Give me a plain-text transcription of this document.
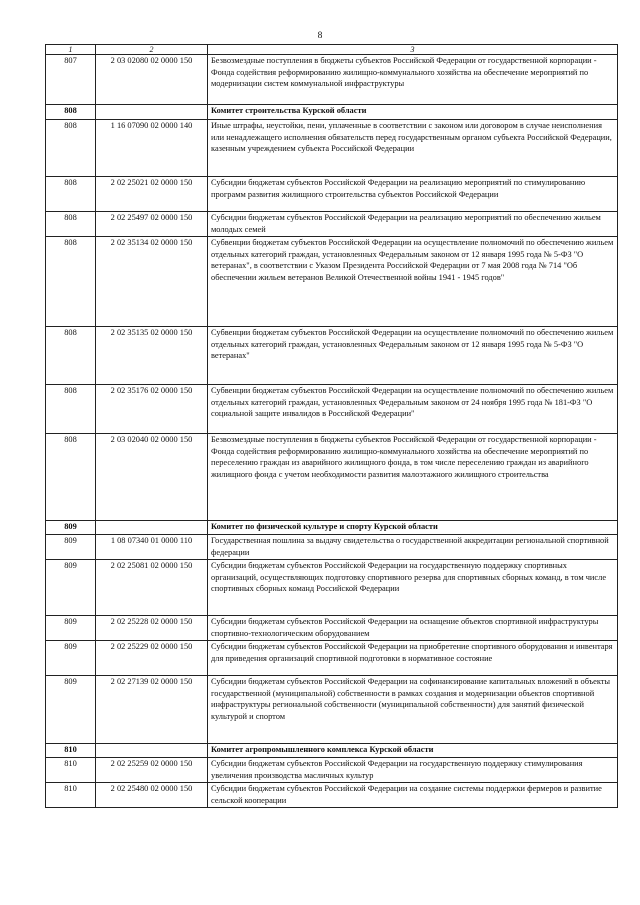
8
1	2	3
807	2 03 02080 02 0000 150	Безвозмездные поступления в бюджеты субъектов Российской Федерации от государственной корпорации - Фонда содействия реформированию жилищно-коммунального хозяйства на обеспечение мероприятий по модернизации систем коммунальной инфраструктуры
808		Комитет строительства Курской области
808	1 16 07090 02 0000 140	Иные штрафы, неустойки, пени, уплаченные в соответствии с законом или договором в случае неисполнения или ненадлежащего исполнения обязательств перед государственным органом субъекта Российской Федерации, казенным учреждением субъекта Российской Федерации
808	2 02 25021 02 0000 150	Субсидии бюджетам субъектов Российской Федерации на реализацию мероприятий по стимулированию программ развития жилищного строительства субъектов Российской Федерации
808	2 02 25497 02 0000 150	Субсидии бюджетам субъектов Российской Федерации на реализацию мероприятий по обеспечению жильем молодых семей
808	2 02 35134 02 0000 150	Субвенции бюджетам субъектов Российской Федерации на осуществление полномочий по обеспечению жильем отдельных категорий граждан, установленных Федеральным законом от 12 января 1995 года № 5-ФЗ "О ветеранах", в соответствии с Указом Президента Российской Федерации от 7 мая 2008 года № 714 "Об обеспечении жильем ветеранов Великой Отечественной войны 1941 - 1945 годов"
808	2 02 35135 02 0000 150	Субвенции бюджетам субъектов Российской Федерации на осуществление полномочий по обеспечению жильем отдельных категорий граждан, установленных Федеральным законом от 12 января 1995 года № 5-ФЗ "О ветеранах"
808	2 02 35176 02 0000 150	Субвенции бюджетам субъектов Российской Федерации на осуществление полномочий по обеспечению жильем отдельных категорий граждан, установленных Федеральным законом от 24 ноября 1995 года № 181-ФЗ "О социальной защите инвалидов в Российской Федерации"
808	2 03 02040 02 0000 150	Безвозмездные поступления в бюджеты субъектов Российской Федерации от государственной корпорации - Фонда содействия реформированию жилищно-коммунального хозяйства на обеспечение мероприятий по переселению граждан из аварийного жилищного фонда, в том числе переселению граждан из аварийного жилищного фонда с учетом необходимости развития малоэтажного жилищного строительства
809		Комитет по физической культуре и спорту Курской области
809	1 08 07340 01 0000 110	Государственная пошлина за выдачу свидетельства о государственной аккредитации региональной спортивной федерации
809	2 02 25081 02 0000 150	Субсидии бюджетам субъектов Российской Федерации на государственную поддержку спортивных организаций, осуществляющих подготовку спортивного резерва для спортивных сборных команд, в том числе спортивных сборных команд Российской Федерации
809	2 02 25228 02 0000 150	Субсидии бюджетам субъектов Российской Федерации на оснащение объектов спортивной инфраструктуры спортивно-технологическим оборудованием
809	2 02 25229 02 0000 150	Субсидии бюджетам субъектов Российской Федерации на приобретение спортивного оборудования и инвентаря для приведения организаций спортивной подготовки в нормативное состояние
809	2 02 27139 02 0000 150	Субсидии бюджетам субъектов Российской Федерации на софинансирование капитальных вложений в объекты государственной (муниципальной) собственности в рамках создания и модернизации объектов спортивной инфраструктуры региональной собственности (муниципальной собственности) для занятий физической культурой и спортом
810		Комитет агропромышленного комплекса Курской области
810	2 02 25259 02 0000 150	Субсидии бюджетам субъектов Российской Федерации на государственную поддержку стимулирования увеличения производства масличных культур
810	2 02 25480 02 0000 150	Субсидии бюджетам субъектов Российской Федерации на создание системы поддержки фермеров и развитие сельской кооперации
